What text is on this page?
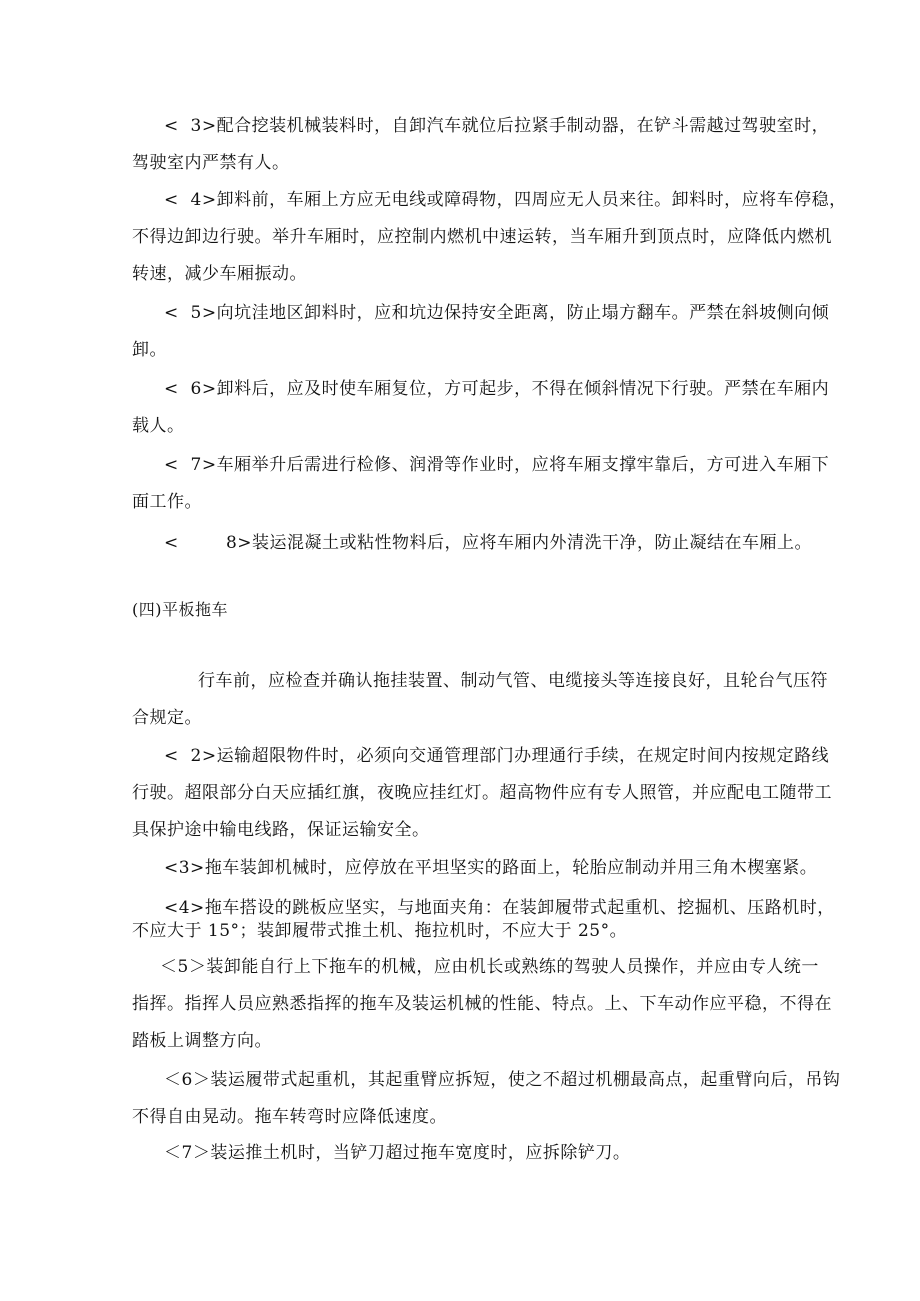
<  3>配合挖装机械装料时，自卸汽车就位后拉紧手制动器，在铲斗需越过驾驶室时，
驾驶室内严禁有人。
<  4>卸料前，车厢上方应无电线或障碍物，四周应无人员来往。卸料时，应将车停稳，
不得边卸边行驶。举升车厢时，应控制内燃机中速运转，当车厢升到顶点时，应降低内燃机
转速，减少车厢振动。
<  5>向坑洼地区卸料时，应和坑边保持安全距离，防止塌方翻车。严禁在斜坡侧向倾
卸。
<  6>卸料后，应及时使车厢复位，方可起步，不得在倾斜情况下行驶。严禁在车厢内
载人。
<  7>车厢举升后需进行检修、润滑等作业时，应将车厢支撑牢靠后，方可进入车厢下
面工作。
<        8>装运混凝土或粘性物料后，应将车厢内外清洗干净，防止凝结在车厢上。
(四)平板拖车
行车前，应检查并确认拖挂装置、制动气管、电缆接头等连接良好，且轮台气压符
合规定。
<  2>运输超限物件时，必须向交通管理部门办理通行手续，在规定时间内按规定路线
行驶。超限部分白天应插红旗，夜晚应挂红灯。超高物件应有专人照管，并应配电工随带工
具保护途中输电线路，保证运输安全。
<3>拖车装卸机械时，应停放在平坦坚实的路面上，轮胎应制动并用三角木楔塞紧。
<4>拖车搭设的跳板应坚实，与地面夹角：在装卸履带式起重机、挖掘机、压路机时，
不应大于 15°；装卸履带式推土机、拖拉机时，不应大于 25°。
＜5＞装卸能自行上下拖车的机械，应由机长或熟练的驾驶人员操作，并应由专人统一
指挥。指挥人员应熟悉指挥的拖车及装运机械的性能、特点。上、下车动作应平稳，不得在
踏板上调整方向。
＜6＞装运履带式起重机，其起重臂应拆短，使之不超过机棚最高点，起重臂向后，吊钩
不得自由晃动。拖车转弯时应降低速度。
＜7＞装运推土机时，当铲刀超过拖车宽度时，应拆除铲刀。
